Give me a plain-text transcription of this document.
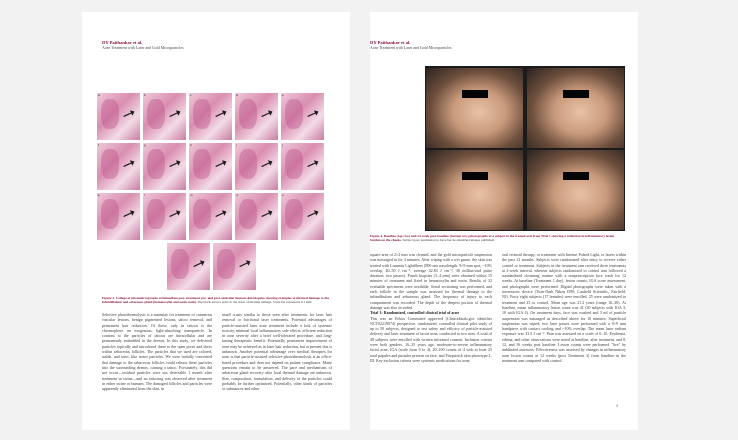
DY Paithankar et al.
Acne Treatment with Laser and Gold Microparticles
a	b	c	d	e
f	g	h	i	j
k	l	m	n	o
Figure 2. Collage of photomicrographs of immediate post-treatment pre- and post-auricular human skin biopsies showing examples of thermal damage to the infundibulum and sebaceous gland (hematoxylin and eosin stain). The black arrows point to the areas of thermal damage. Scale bar represents 0.1 mm.

Selective photothermolysis is a mainstay for treatment of cutaneous vascular lesions, benign pigmented lesions, tattoo removal, and permanent hair reduction. Of these, only in tattoos is the chromophore an exogenous, light-absorbing nanoparticle. In contrast to the particles of tattoos are intracellular and are permanently embedded in the dermis. In this study, we delivered particles topically and introduced them to the open pores and ducts within sebaceous follicles. The particles that we used are colored, stable, and inert, like tattoo particles. We were initially concerned that damage to the sebaceous follicles could release these particles into the surrounding dermis, causing a tattoo. Fortunately, this did not occur—residual particles were not detectable 1 month after treatment in swine—and no tattooing was observed after treatment in either swine or humans. The damaged follicles and particles were apparently eliminated from the skin, in

small crusts similar to those seen after treatments for laser hair removal or fractional laser treatments. Potential advantages of particle-assisted laser acne treatment include a lack of systemic toxicity, minimal local inflammatory side effects, efficient reduction in acne severity after a brief well-tolerated procedure, and long-lasting therapeutic benefit. Potentially, permanent improvement of acne may be achieved as in laser hair reduction, but at present this is unknown. Another potential advantage over medical therapies for acne is that particle-assisted selective photothermolysis is an office-based procedure and does not depend on patient compliance. Many questions remain to be answered. The pace and mechanisms of sebaceous gland recovery after local thermal damage are unknown. Size, composition, formulation, and delivery of the particles could probably be further optimized. Potentially, other kinds of particles or substances and other

DY Paithankar et al.
Acne Treatment with Laser and Gold Microparticles
Figure 4. Baseline (top row) and 24-week post-baseline (bottom row) photographs of a subject in the treated arm from Trial 1 showing a reduction in inflammatory lesion burden on the cheeks. Subject gave permission to have her de-identified images published.

square area of 2×2 mm was cleaned, and the gold microparticle suspension was massaged in for 4 minutes. After wiping with a wet gauze, the skin was treated with Lumenis LightSheer (800 nm wavelength, 9×9 mm spot, ~10% overlap, 40–50 J cm⁻², average 42.83 J cm⁻², 30 millisecond pulse duration, two passes). Punch biopsies (3–4 mm) were obtained within 15 minutes of treatment and fixed in hematoxylin and eosin. Results of 32 evaluable specimens were available. Serial sectioning was performed, and each follicle in the sample was assessed for thermal damage to the infundibulum and sebaceous gland. The frequency of injury to each compartment was recorded. The depth of the deepest portion of thermal damage was also recorded.

Trial 1: Randomized, controlled clinical trial of acne

This was an Ethics Committee approved (Clinicaltrials.gov identifier NCT02219074) prospective, randomized, controlled clinical pilot study of up to 50 subjects, designed to test safety and efficacy of particle-assisted delivery and laser treatment of facial acne, conducted at two sites. A total of 48 subjects were enrolled with written informed consent. Inclusion criteria were both genders, 16–35 years age, moderate-to-severe inflammatory facial acne, IGA (scale from 0 to 4), 20–100 counts of 4 with at least 25 total papules and pustules present on face, and Fitzpatrick skin phototype I–III. Key exclusion criteria were systemic medications for acne,

oral retinoid therapy, or treatment with Intense Pulsed Light, or lasers within the past 12 months. Subjects were randomized after entry to receive either control or treatment. Subjects in the treatment arm received three treatments at 2-week interval, whereas subjects randomized to control arm followed a standardized cleansing routine with a nonprescription face wash for 12 weeks. At baseline (Treatment 1 day), lesion counts, IGA score assessment, and photographs were performed. Digital photographs were taken with a stereotactic device (Twin-flash Nikon D90; Canfield Scientific, Fairfield, NJ). Forty eight subjects (17 females) were enrolled, 25 were randomized to treatment and 23 to control. Mean age was 21.2 years (range 16–30). At baseline, mean inflammatory lesion count was 41 (30 subjects with IGA 3, 10 with IGA 4). On treatment days, face was washed and 3 ml of particle suspension was massaged as described above for 10 minutes. Superficial suspension was wiped; two laser passes were performed with a 9×9 mm handpiece with contact cooling and ~10% overlap. The mean laser radiant exposure was 33.5 J cm⁻². Pain was assessed on a scale of 0–10. Erythema, edema, and other observations were noted at baseline, after treatment, and 8, 12, and 16 weeks post baseline. Lesion counts were performed "live" by unblinded assessors. Effectiveness was assessed by changes in inflammatory acne lesion counts at 12 weeks (post Treatment 3) from baseline in the treatment arm compared with control.

3
